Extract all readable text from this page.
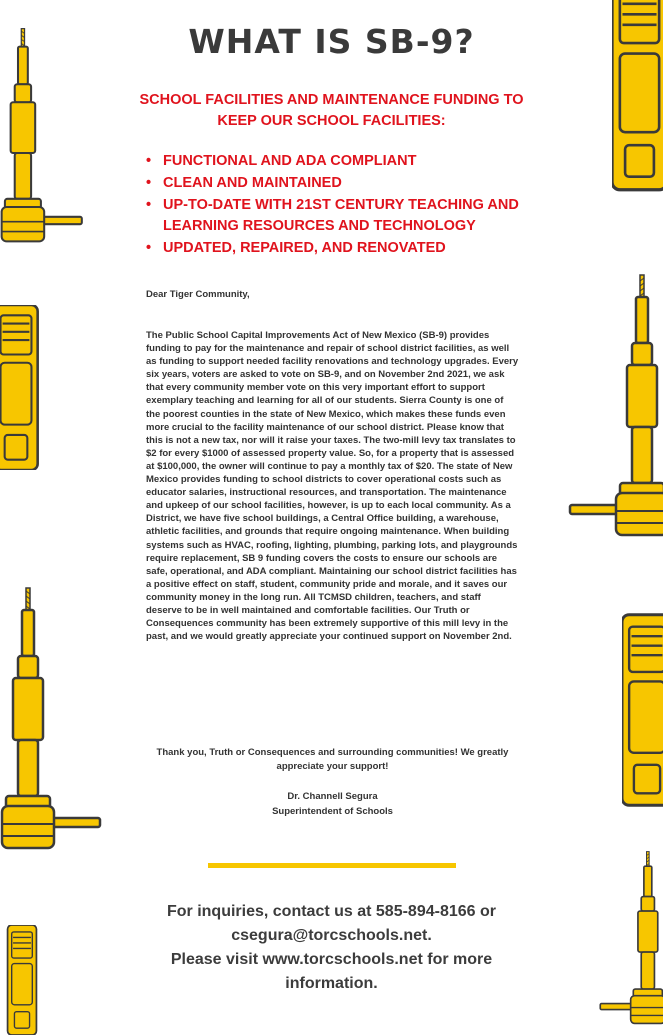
WHAT IS SB-9?
SCHOOL FACILITIES AND MAINTENANCE FUNDING TO KEEP OUR SCHOOL FACILITIES:
• FUNCTIONAL AND ADA COMPLIANT
• CLEAN AND MAINTAINED
• UP-TO-DATE WITH 21ST CENTURY TEACHING AND LEARNING RESOURCES AND TECHNOLOGY
• UPDATED, REPAIRED, AND RENOVATED
Dear Tiger Community,

The Public School Capital Improvements Act of New Mexico (SB-9) provides funding to pay for the maintenance and repair of school district facilities, as well as funding to support needed facility renovations and technology upgrades. Every six years, voters are asked to vote on SB-9, and on November 2nd 2021, we ask that every community member vote on this very important effort to support exemplary teaching and learning for all of our students. Sierra County is one of the poorest counties in the state of New Mexico, which makes these funds even more crucial to the facility maintenance of our school district. Please know that this is not a new tax, nor will it raise your taxes. The two-mill levy tax translates to $2 for every $1000 of assessed property value. So, for a property that is assessed at $100,000, the owner will continue to pay a monthly tax of $20. The state of New Mexico provides funding to school districts to cover operational costs such as educator salaries, instructional resources, and transportation. The maintenance and upkeep of our school facilities, however, is up to each local community. As a District, we have five school buildings, a Central Office building, a warehouse, athletic facilities, and grounds that require ongoing maintenance. When building systems such as HVAC, roofing, lighting, plumbing, parking lots, and playgrounds require replacement, SB 9 funding covers the costs to ensure our schools are safe, operational, and ADA compliant. Maintaining our school district facilities has a positive effect on staff, student, community pride and morale, and it saves our community money in the long run. All TCMSD children, teachers, and staff deserve to be in well maintained and comfortable facilities. Our Truth or Consequences community has been extremely supportive of this mill levy in the past, and we would greatly appreciate your continued support on November 2nd.

Thank you, Truth or Consequences and surrounding communities! We greatly appreciate your support!

Dr. Channell Segura
Superintendent of Schools

For inquiries, contact us at 585-894-8166 or csegura@torcschools.net.

Please visit www.torcschools.net for more information.
